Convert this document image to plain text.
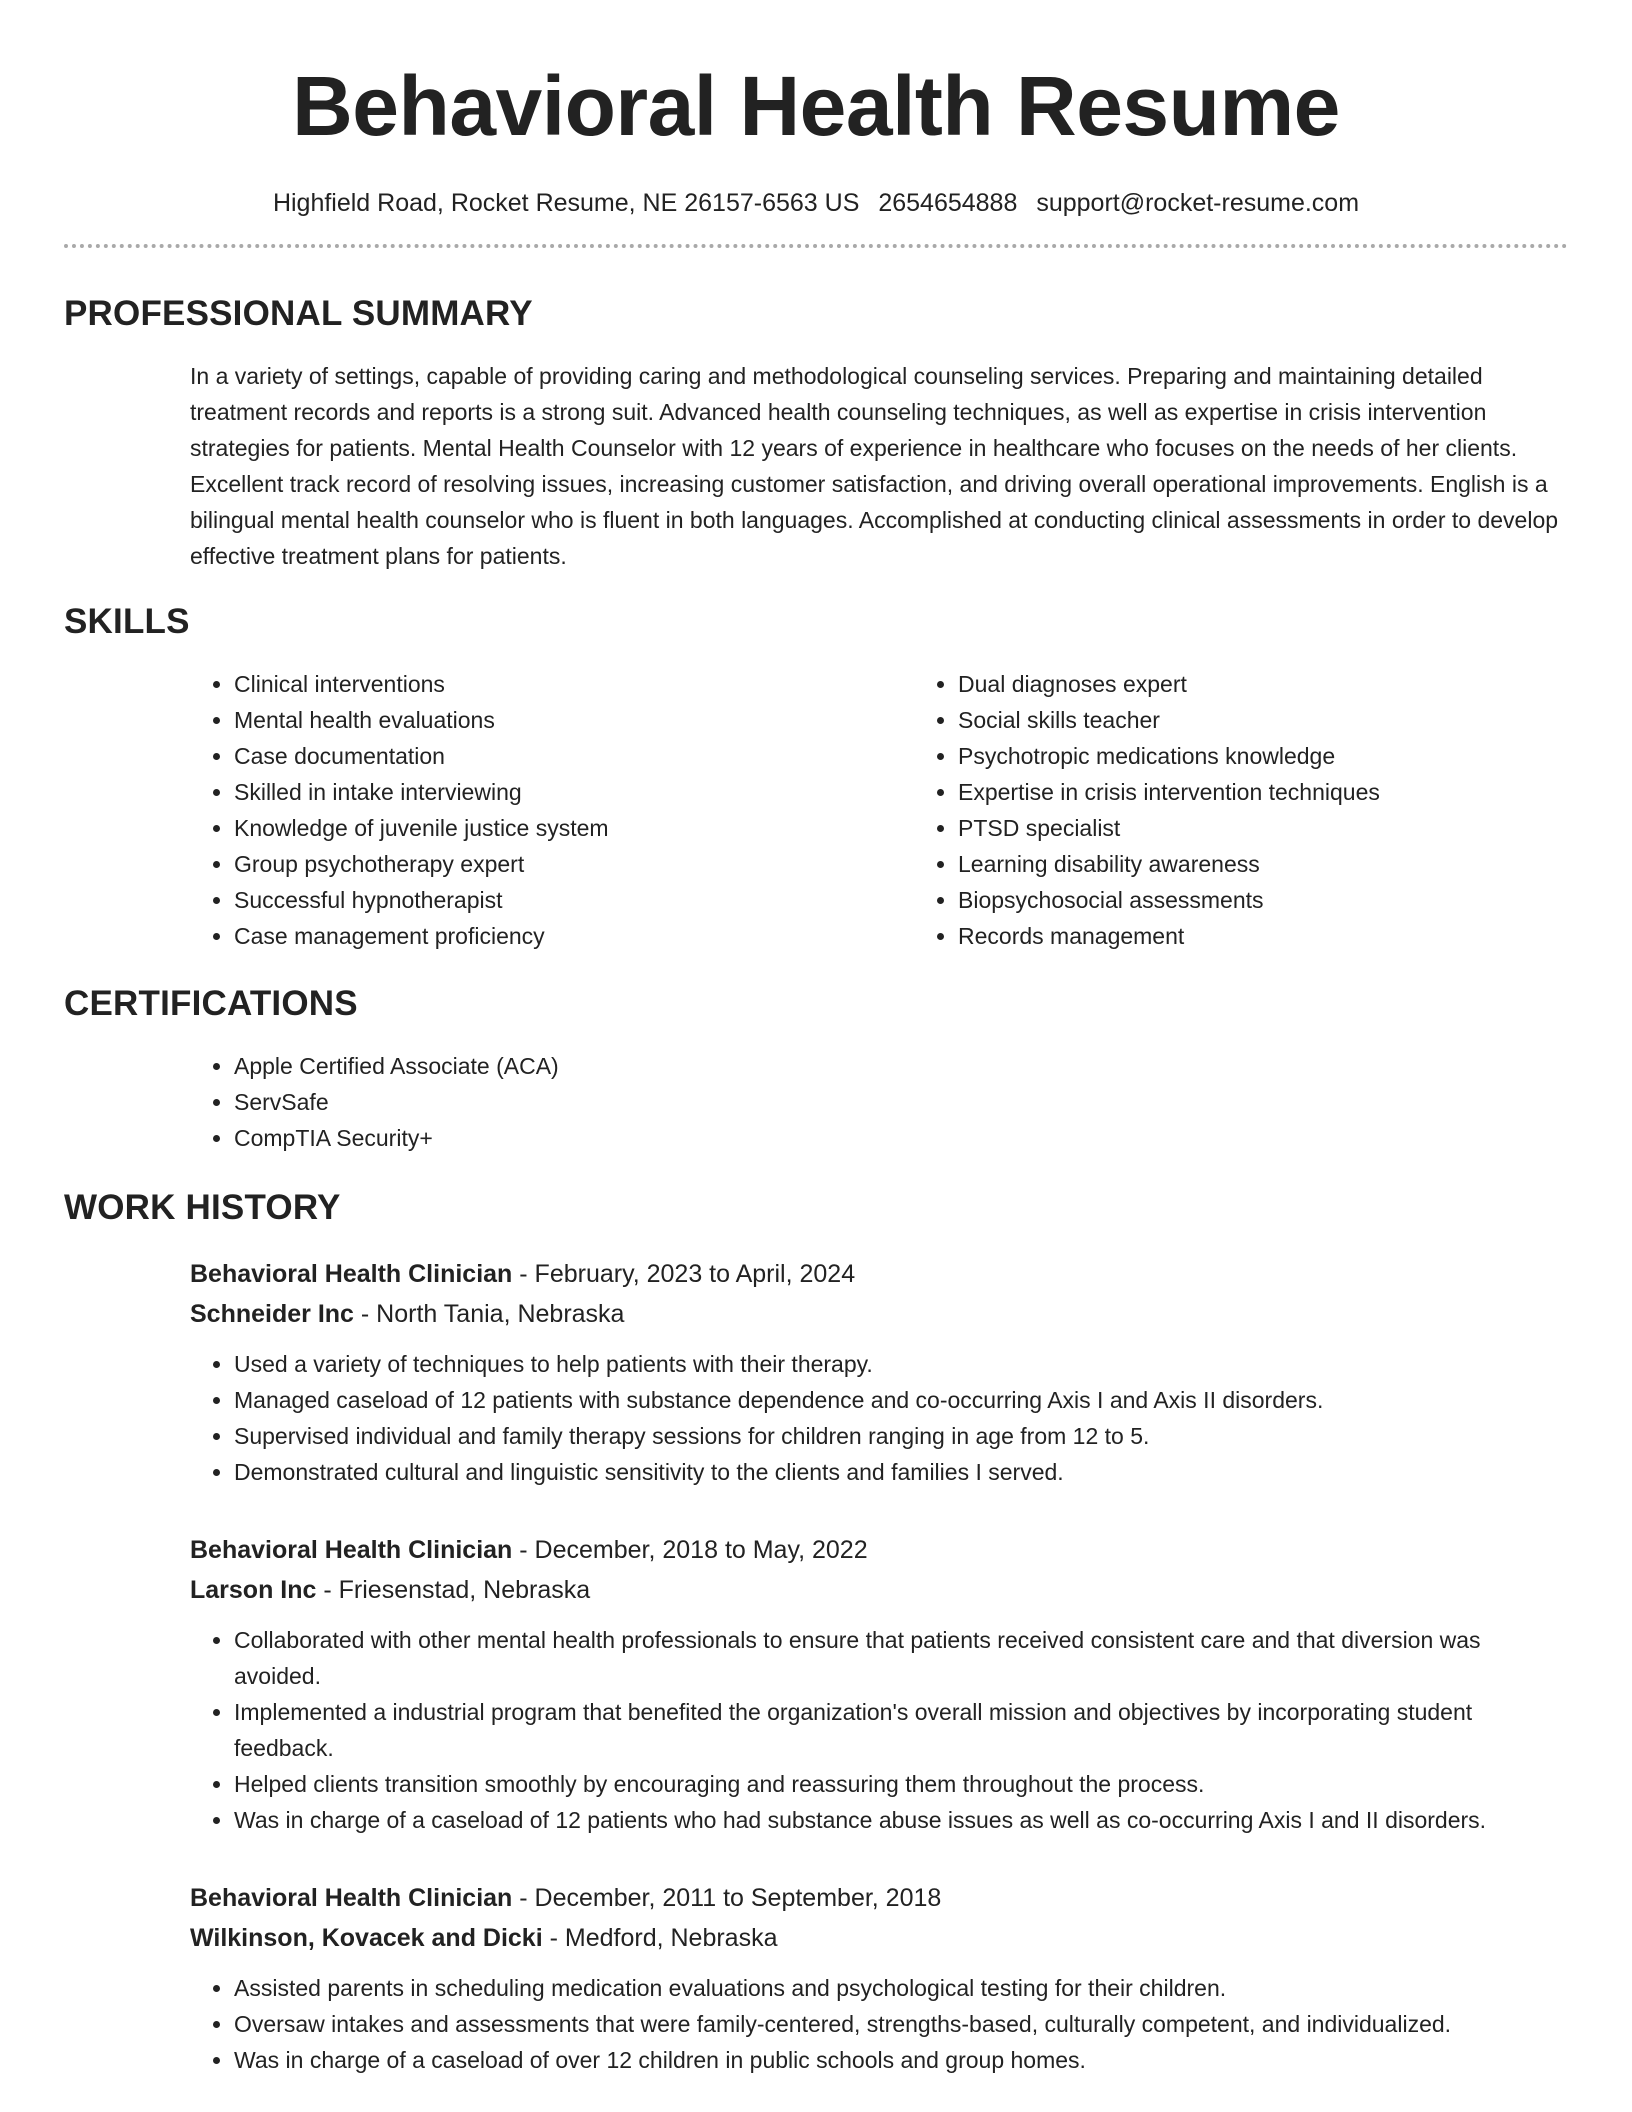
Behavioral Health Resume
Highfield Road, Rocket Resume, NE 26157-6563 US 2654654888 support@rocket-resume.com
PROFESSIONAL SUMMARY

In a variety of settings, capable of providing caring and methodological counseling services. Preparing and maintaining detailed treatment records and reports is a strong suit. Advanced health counseling techniques, as well as expertise in crisis intervention strategies for patients. Mental Health Counselor with 12 years of experience in healthcare who focuses on the needs of her clients. Excellent track record of resolving issues, increasing customer satisfaction, and driving overall operational improvements. English is a bilingual mental health counselor who is fluent in both languages. Accomplished at conducting clinical assessments in order to develop effective treatment plans for patients.

SKILLS
• Clinical interventions
• Mental health evaluations
• Case documentation
• Skilled in intake interviewing
• Knowledge of juvenile justice system
• Group psychotherapy expert
• Successful hypnotherapist
• Case management proficiency
• Dual diagnoses expert
• Social skills teacher
• Psychotropic medications knowledge
• Expertise in crisis intervention techniques
• PTSD specialist
• Learning disability awareness
• Biopsychosocial assessments
• Records management
CERTIFICATIONS
• Apple Certified Associate (ACA)
• ServSafe
• CompTIA Security+
WORK HISTORY
Behavioral Health Clinician - February, 2023 to April, 2024
Schneider Inc - North Tania, Nebraska
• Used a variety of techniques to help patients with their therapy.
• Managed caseload of 12 patients with substance dependence and co-occurring Axis I and Axis II disorders.
• Supervised individual and family therapy sessions for children ranging in age from 12 to 5.
• Demonstrated cultural and linguistic sensitivity to the clients and families I served.
Behavioral Health Clinician - December, 2018 to May, 2022
Larson Inc - Friesenstad, Nebraska
• Collaborated with other mental health professionals to ensure that patients received consistent care and that diversion was avoided.
• Implemented a industrial program that benefited the organization's overall mission and objectives by incorporating student feedback.
• Helped clients transition smoothly by encouraging and reassuring them throughout the process.
• Was in charge of a caseload of 12 patients who had substance abuse issues as well as co-occurring Axis I and II disorders.
Behavioral Health Clinician - December, 2011 to September, 2018
Wilkinson, Kovacek and Dicki - Medford, Nebraska
• Assisted parents in scheduling medication evaluations and psychological testing for their children.
• Oversaw intakes and assessments that were family-centered, strengths-based, culturally competent, and individualized.
• Was in charge of a caseload of over 12 children in public schools and group homes.
